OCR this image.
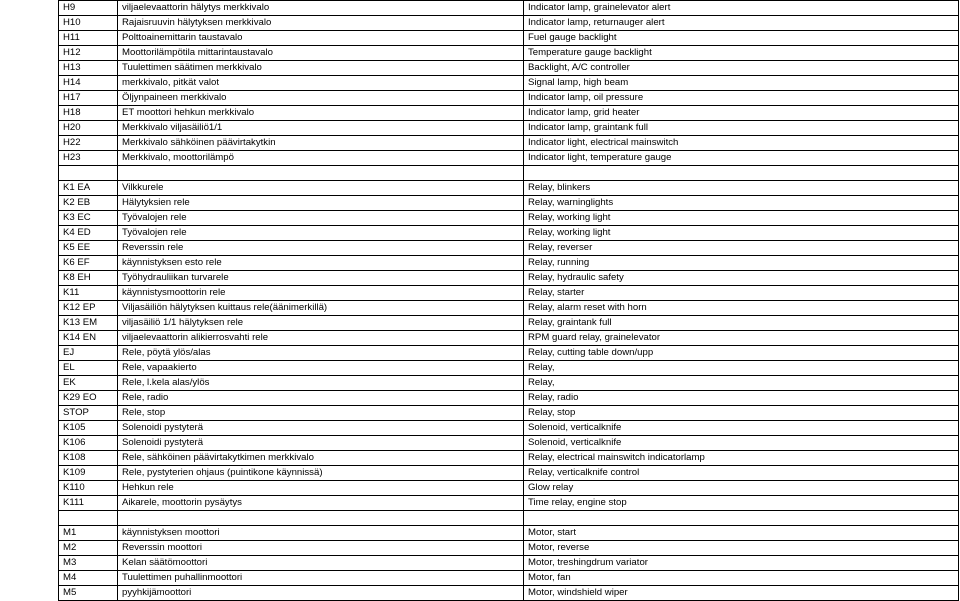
H9	viljaelevaattorin hälytys merkkivalo	Indicator lamp, grainelevator alert
H10	Rajaisruuvin hälytyksen merkkivalo	Indicator lamp, returnauger alert
H11	Polttoainemittarin taustavalo	Fuel gauge backlight
H12	Moottorilämpötila mittarintaustavalo	Temperature gauge backlight
H13	Tuulettimen säätimen merkkivalo	Backlight, A/C controller
H14	merkkivalo, pitkät valot	Signal lamp, high beam
H17	Öljynpaineen merkkivalo	Indicator lamp, oil pressure
H18	ET moottori hehkun merkkivalo	Indicator lamp, grid heater
H20	Merkkivalo viljasäiliö1/1	Indicator lamp, graintank full
H22	Merkkivalo sähköinen päävirtakytkin	Indicator light, electrical mainswitch
H23	Merkkivalo, moottorilämpö	Indicator light, temperature gauge

K1 EA	Vilkkurele	Relay, blinkers
K2 EB	Hälytyksien rele	Relay, warninglights
K3 EC	Työvalojen rele	Relay, working light
K4 ED	Työvalojen rele	Relay, working light
K5 EE	Reverssin rele	Relay, reverser
K6 EF	käynnistyksen esto rele	Relay, running
K8 EH	Työhydrauliikan turvarele	Relay, hydraulic safety
K11	käynnistysmoottorin rele	Relay, starter
K12 EP	Viljasäiliön hälytyksen kuittaus rele(äänimerkillä)	Relay, alarm reset with horn
K13 EM	viljasäiliö 1/1 hälytyksen rele	Relay, graintank full
K14 EN	viljaelevaattorin alikierrosvahti rele	RPM guard relay, grainelevator
EJ	Rele, pöytä ylös/alas	Relay, cutting table down/upp
EL	Rele, vapaakierto	Relay,
EK	Rele, l.kela alas/ylös	Relay,
K29 EO	Rele, radio	Relay, radio
STOP	Rele, stop	Relay, stop
K105	Solenoidi pystyterä	Solenoid, verticalknife
K106	Solenoidi pystyterä	Solenoid, verticalknife
K108	Rele, sähköinen päävirtakytkimen merkkivalo	Relay, electrical mainswitch indicatorlamp
K109	Rele, pystyterien ohjaus (puintikone käynnissä)	Relay, verticalknife control
K110	Hehkun rele	Glow relay
K111	Aikarele, moottorin pysäytys	Time relay, engine stop

M1	käynnistyksen moottori	Motor, start
M2	Reverssin moottori	Motor, reverse
M3	Kelan säätömoottori	Motor, treshingdrum variator
M4	Tuulettimen puhallinmoottori	Motor, fan
M5	pyyhkijämoottori	Motor, windshield wiper
